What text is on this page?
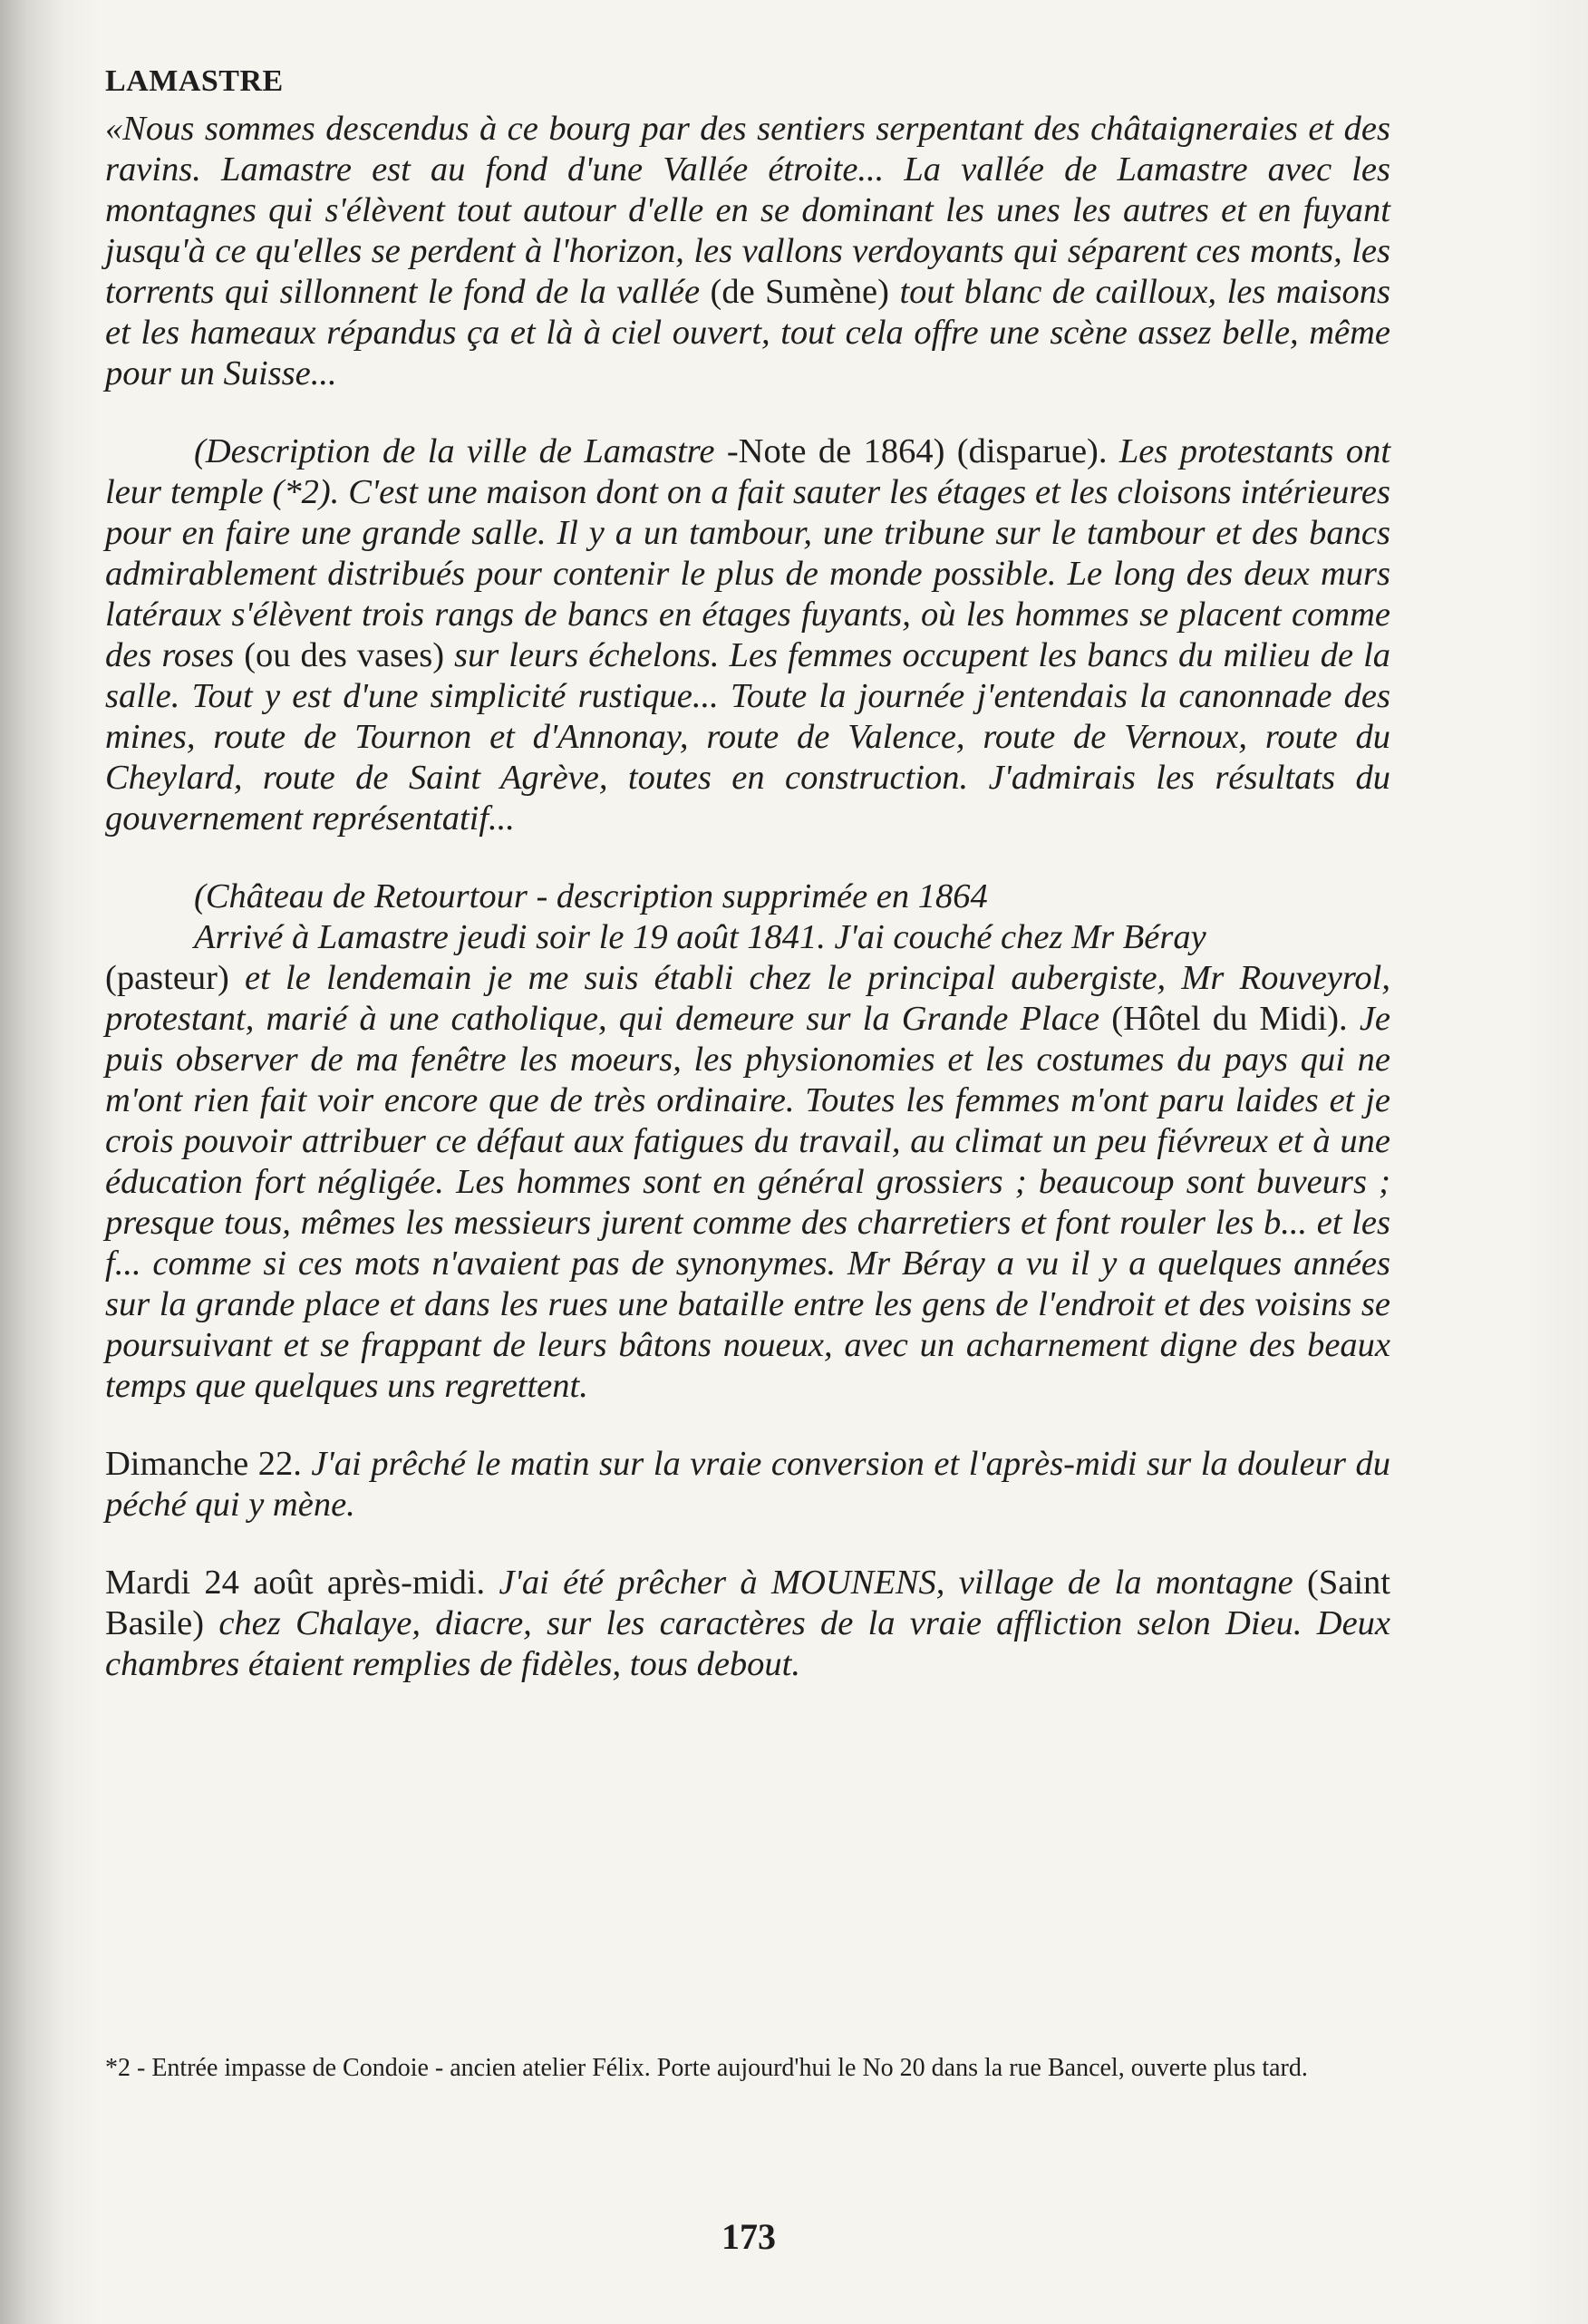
LAMASTRE

«Nous sommes descendus à ce bourg par des sentiers serpentant des châtaigneraies et des ravins. Lamastre est au fond d'une Vallée étroite... La vallée de Lamastre avec les montagnes qui s'élèvent tout autour d'elle en se dominant les unes les autres et en fuyant jusqu'à ce qu'elles se perdent à l'horizon, les vallons verdoyants qui séparent ces monts, les torrents qui sillonnent le fond de la vallée (de Sumène) tout blanc de cailloux, les maisons et les hameaux répandus ça et là à ciel ouvert, tout cela offre une scène assez belle, même pour un Suisse...

(Description de la ville de Lamastre -Note de 1864) (disparue). Les protestants ont leur temple (*2). C'est une maison dont on a fait sauter les étages et les cloisons intérieures pour en faire une grande salle. Il y a un tambour, une tribune sur le tambour et des bancs admirablement distribués pour contenir le plus de monde possible. Le long des deux murs latéraux s'élèvent trois rangs de bancs en étages fuyants, où les hommes se placent comme des roses (ou des vases) sur leurs échelons. Les femmes occupent les bancs du milieu de la salle. Tout y est d'une simplicité rustique... Toute la journée j'entendais la canonnade des mines, route de Tournon et d'Annonay, route de Valence, route de Vernoux, route du Cheylard, route de Saint Agrève, toutes en construction. J'admirais les résultats du gouvernement représentatif...

(Château de Retourtour - description supprimée en 1864
Arrivé à Lamastre jeudi soir le 19 août 1841. J'ai couché chez Mr Béray
(pasteur) et le lendemain je me suis établi chez le principal aubergiste, Mr Rouveyrol, protestant, marié à une catholique, qui demeure sur la Grande Place (Hôtel du Midi). Je puis observer de ma fenêtre les moeurs, les physionomies et les costumes du pays qui ne m'ont rien fait voir encore que de très ordinaire. Toutes les femmes m'ont paru laides et je crois pouvoir attribuer ce défaut aux fatigues du travail, au climat un peu fiévreux et à une éducation fort négligée. Les hommes sont en général grossiers ; beaucoup sont buveurs ; presque tous, mêmes les messieurs jurent comme des charretiers et font rouler les b... et les f... comme si ces mots n'avaient pas de synonymes. Mr Béray a vu il y a quelques années sur la grande place et dans les rues une bataille entre les gens de l'endroit et des voisins se poursuivant et se frappant de leurs bâtons noueux, avec un acharnement digne des beaux temps que quelques uns regrettent.

Dimanche 22. J'ai prêché le matin sur la vraie conversion et l'après-midi sur la douleur du péché qui y mène.

Mardi 24 août après-midi. J'ai été prêcher à MOUNENS, village de la montagne (Saint Basile) chez Chalaye, diacre, sur les caractères de la vraie affliction selon Dieu. Deux chambres étaient remplies de fidèles, tous debout.

*2 - Entrée impasse de Condoie - ancien atelier Félix. Porte aujourd'hui le No 20 dans la rue Bancel, ouverte plus tard.

173
